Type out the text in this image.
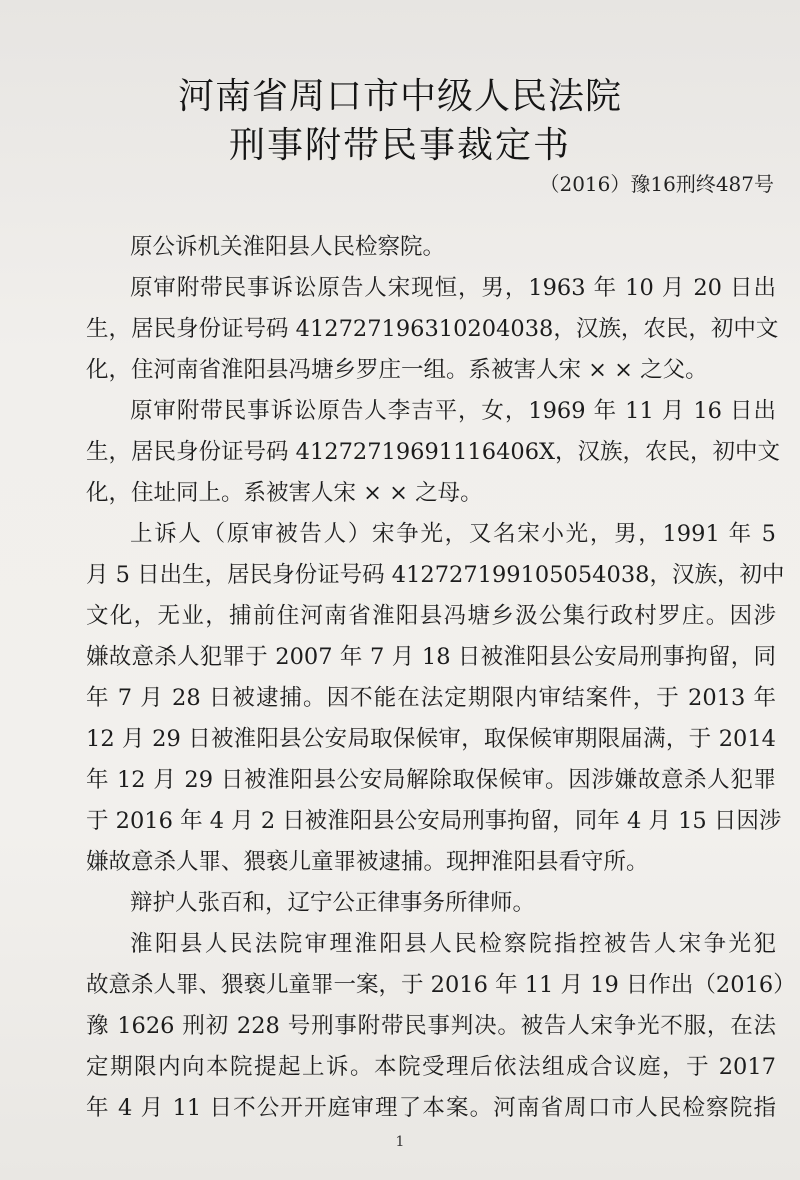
河南省周口市中级人民法院
刑事附带民事裁定书
（2016）豫16刑终487号
原公诉机关淮阳县人民检察院。
原审附带民事诉讼原告人宋现恒，男，1963 年 10 月 20 日出
生，居民身份证号码 412727196310204038，汉族，农民，初中文
化，住河南省淮阳县冯塘乡罗庄一组。系被害人宋 × × 之父。
原审附带民事诉讼原告人李吉平，女，1969 年 11 月 16 日出
生，居民身份证号码 41272719691116406X，汉族，农民，初中文
化，住址同上。系被害人宋 × × 之母。
上诉人（原审被告人）宋争光，又名宋小光，男，1991 年 5
月 5 日出生，居民身份证号码 412727199105054038，汉族，初中
文化，无业，捕前住河南省淮阳县冯塘乡汲公集行政村罗庄。因涉
嫌故意杀人犯罪于 2007 年 7 月 18 日被淮阳县公安局刑事拘留，同
年 7 月 28 日被逮捕。因不能在法定期限内审结案件，于 2013 年
12 月 29 日被淮阳县公安局取保候审，取保候审期限届满，于 2014
年 12 月 29 日被淮阳县公安局解除取保候审。因涉嫌故意杀人犯罪
于 2016 年 4 月 2 日被淮阳县公安局刑事拘留，同年 4 月 15 日因涉
嫌故意杀人罪、猥亵儿童罪被逮捕。现押淮阳县看守所。
辩护人张百和，辽宁公正律事务所律师。
淮阳县人民法院审理淮阳县人民检察院指控被告人宋争光犯
故意杀人罪、猥亵儿童罪一案，于 2016 年 11 月 19 日作出（2016）
豫 1626 刑初 228 号刑事附带民事判决。被告人宋争光不服，在法
定期限内向本院提起上诉。本院受理后依法组成合议庭，于 2017
年 4 月 11 日不公开开庭审理了本案。河南省周口市人民检察院指
1
